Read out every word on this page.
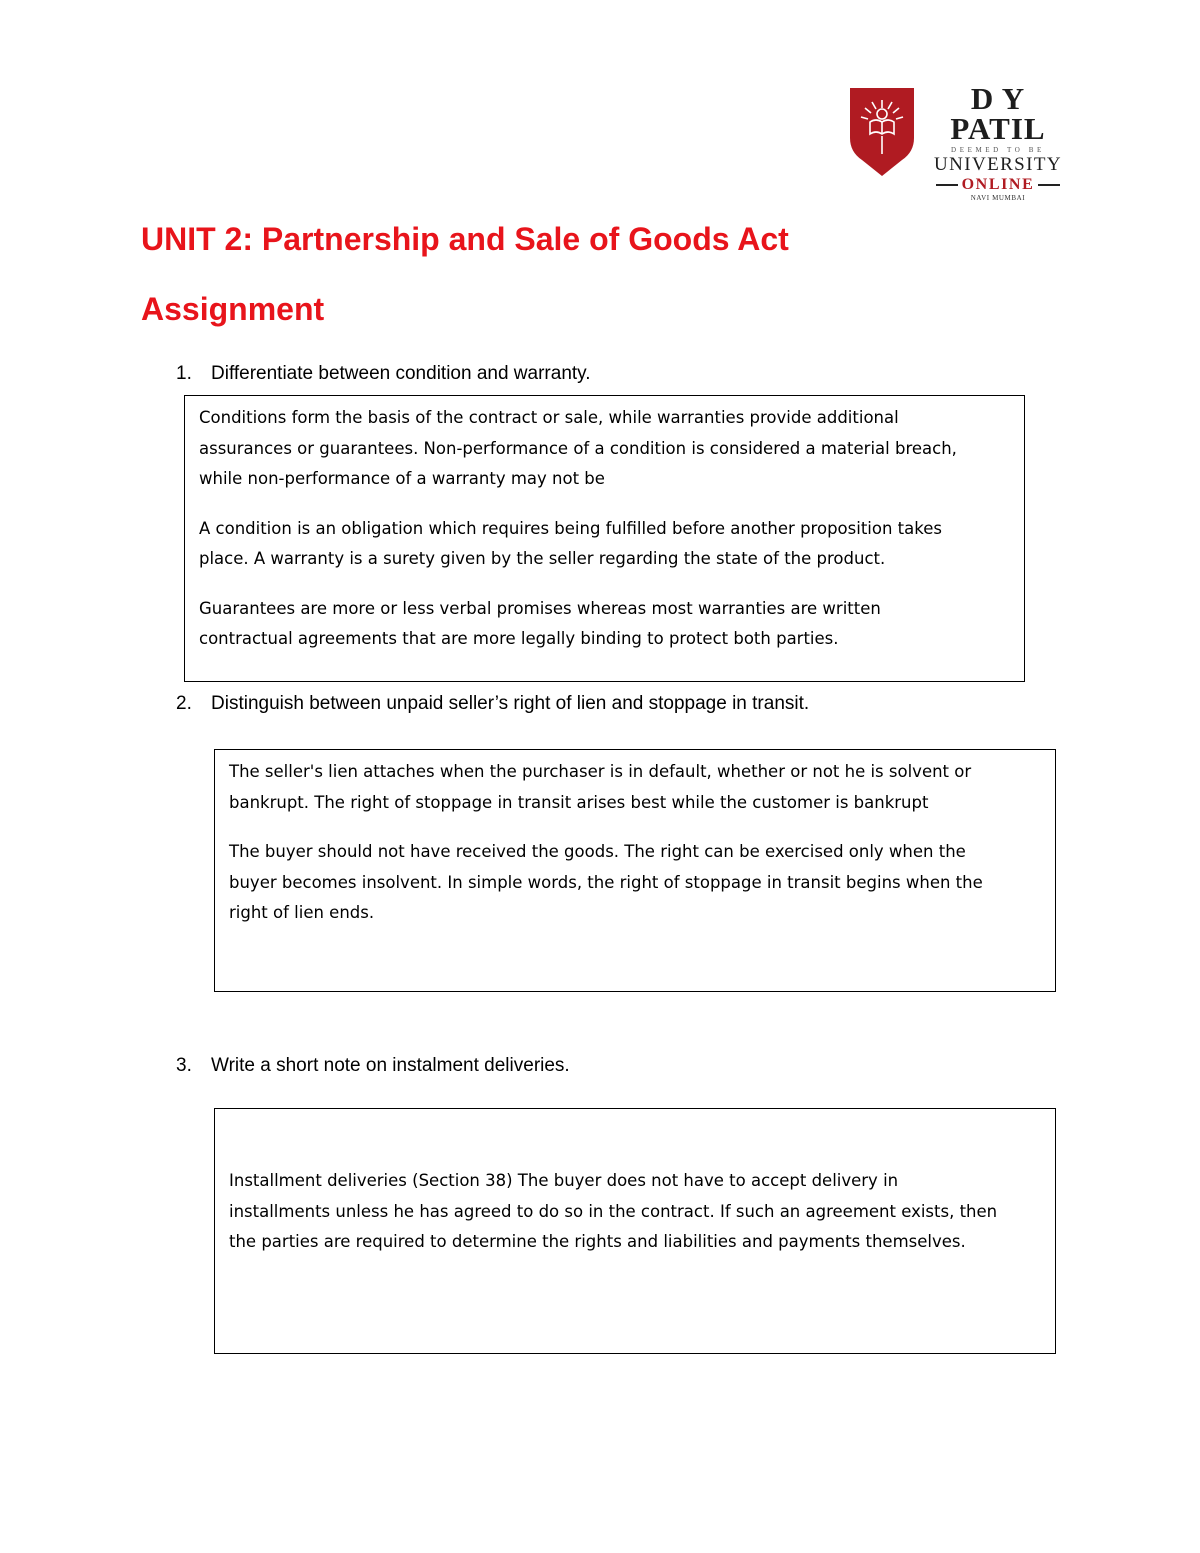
D Y PATIL
DEEMED TO BE
UNIVERSITY
ONLINE
NAVI MUMBAI
UNIT 2: Partnership and Sale of Goods Act
Assignment
1.	Differentiate between condition and warranty.

Conditions form the basis of the contract or sale, while warranties provide additional

assurances or guarantees. Non-performance of a condition is considered a material breach,

while non-performance of a warranty may not be

A condition is an obligation which requires being fulfilled before another proposition takes

place. A warranty is a surety given by the seller regarding the state of the product.

Guarantees are more or less verbal promises whereas most warranties are written

contractual agreements that are more legally binding to protect both parties.

2.	Distinguish between unpaid seller’s right of lien and stoppage in transit.

The seller's lien attaches when the purchaser is in default, whether or not he is solvent or

bankrupt. The right of stoppage in transit arises best while the customer is bankrupt

The buyer should not have received the goods. The right can be exercised only when the

buyer becomes insolvent. In simple words, the right of stoppage in transit begins when the

right of lien ends.

3.	Write a short note on instalment deliveries.

Installment deliveries (Section 38) The buyer does not have to accept delivery in

installments unless he has agreed to do so in the contract. If such an agreement exists, then

the parties are required to determine the rights and liabilities and payments themselves.
